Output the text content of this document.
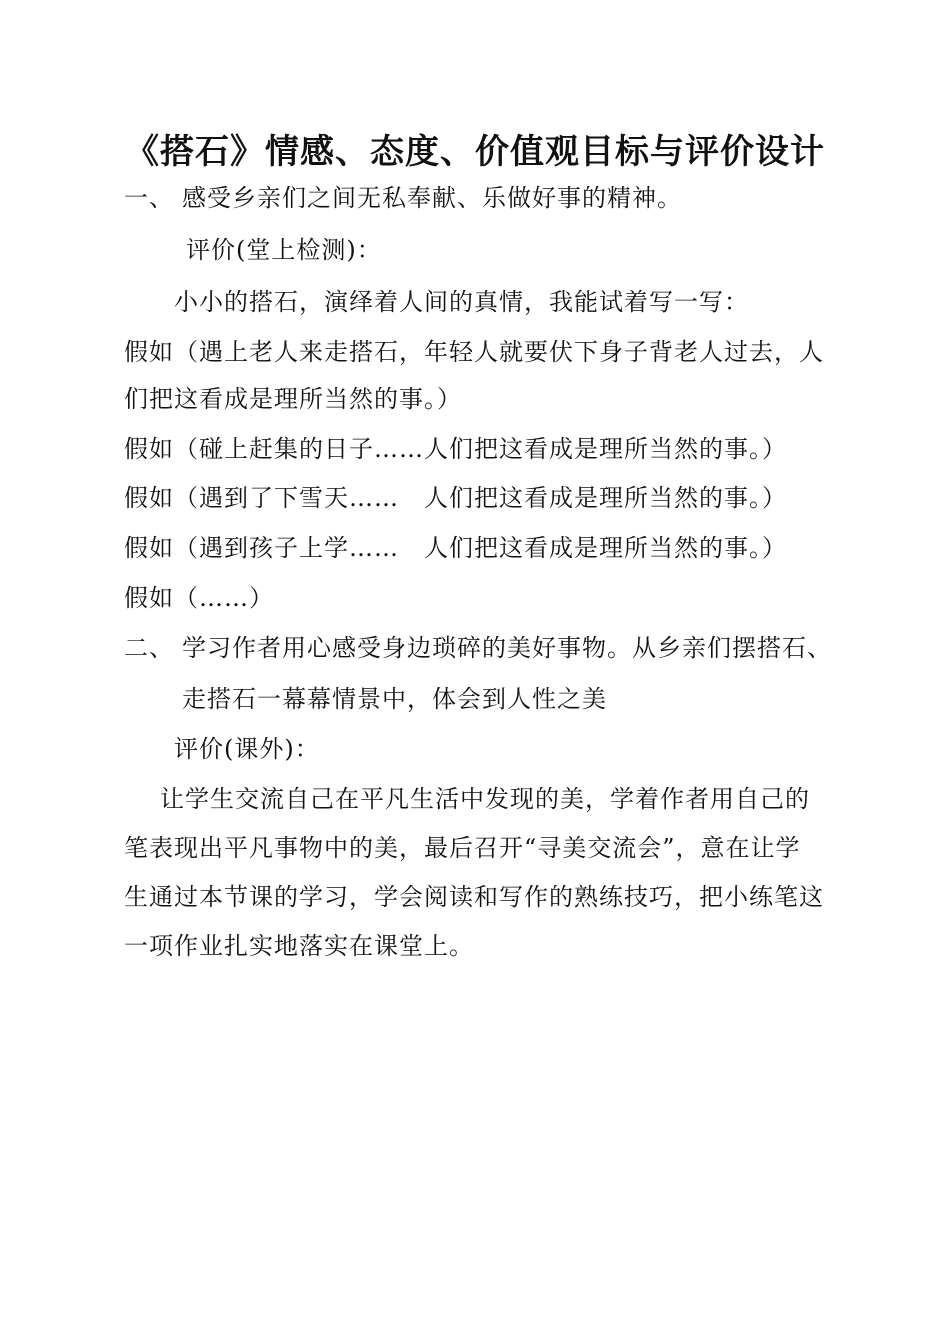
《搭石》情感、态度、价值观目标与评价设计
一、 感受乡亲们之间无私奉献、乐做好事的精神。
评价(堂上检测)：
小小的搭石，演绎着人间的真情，我能试着写一写：
假如（遇上老人来走搭石，年轻人就要伏下身子背老人过去，人
们把这看成是理所当然的事。）
假如（碰上赶集的日子……人们把这看成是理所当然的事。）
假如（遇到了下雪天……　人们把这看成是理所当然的事。）
假如（遇到孩子上学……　人们把这看成是理所当然的事。）
假如（……）
二、 学习作者用心感受身边琐碎的美好事物。从乡亲们摆搭石、
走搭石一幕幕情景中，体会到人性之美
评价(课外)：
让学生交流自己在平凡生活中发现的美，学着作者用自己的
笔表现出平凡事物中的美，最后召开“寻美交流会”，意在让学
生通过本节课的学习，学会阅读和写作的熟练技巧，把小练笔这
一项作业扎实地落实在课堂上。
